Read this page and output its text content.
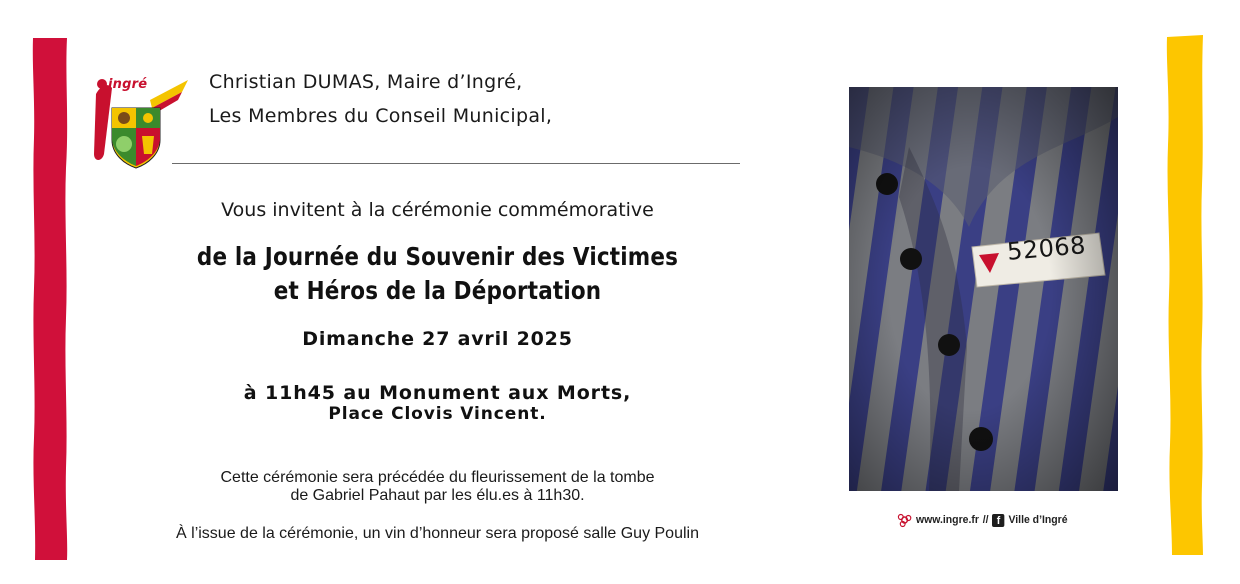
ingré	Christian DUMAS, Maire d’Ingré,
Les Membres du Conseil Municipal,
Vous invitent à la cérémonie commémorative
de la Journée du Souvenir des Victimes
et Héros de la Déportation
Dimanche 27 avril 2025
à 11h45 au Monument aux Morts,
Place Clovis Vincent.
Cette cérémonie sera précédée du fleurissement de la tombe
de Gabriel Pahaut par les élu.es à 11h30.
À l’issue de la cérémonie, un vin d’honneur sera proposé salle Guy Poulin
52068
www.ingre.fr // f Ville d’Ingré
